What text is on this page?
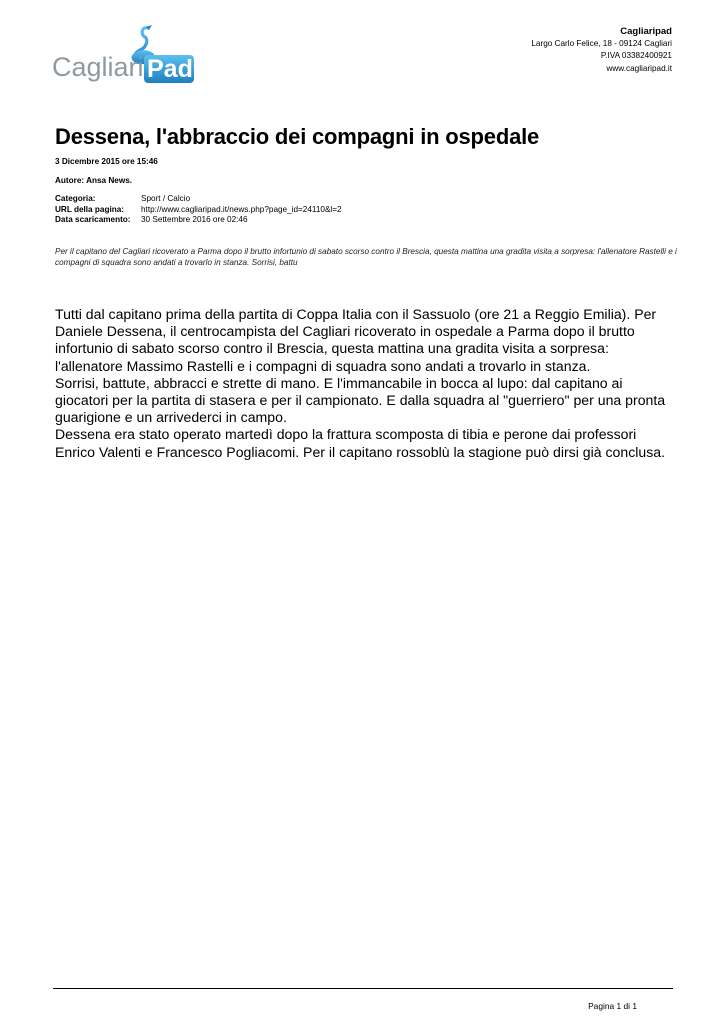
Cagliari Pad
Cagliaripad
Largo Carlo Felice, 18 - 09124 Cagliari
P.IVA 03382400921
www.cagliaripad.it
Dessena, l'abbraccio dei compagni in ospedale
3 Dicembre 2015 ore 15:46
Autore: Ansa News.
Categoria:	Sport / Calcio
URL della pagina:	http://www.cagliaripad.it/news.php?page_id=24110&l=2
Data scaricamento:	30 Settembre 2016 ore 02:46
Per il capitano del Cagliari ricoverato a Parma dopo il brutto infortunio di sabato scorso contro il Brescia, questa mattina una gradita visita a sorpresa: l'allenatore Rastelli e i compagni di squadra sono andati a trovarlo in stanza. Sorrisi, battu

Tutti dal capitano prima della partita di Coppa Italia con il Sassuolo (ore 21 a Reggio Emilia). Per Daniele Dessena, il centrocampista del Cagliari ricoverato in ospedale a Parma dopo il brutto infortunio di sabato scorso contro il Brescia, questa mattina una gradita visita a sorpresa: l'allenatore Massimo Rastelli e i compagni di squadra sono andati a trovarlo in stanza.

Sorrisi, battute, abbracci e strette di mano. E l'immancabile in bocca al lupo: dal capitano ai giocatori per la partita di stasera e per il campionato. E dalla squadra al "guerriero" per una pronta guarigione e un arrivederci in campo.

Dessena era stato operato martedì dopo la frattura scomposta di tibia e perone dai professori Enrico Valenti e Francesco Pogliacomi. Per il capitano rossoblù la stagione può dirsi già conclusa.

Pagina 1 di 1
